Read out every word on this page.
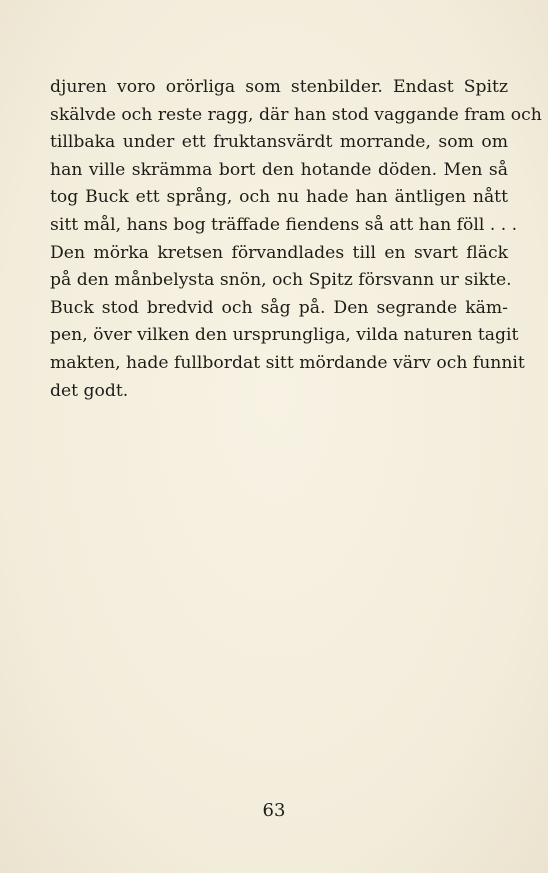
djuren voro orörliga som stenbilder. Endast Spitz
skälvde och reste ragg, där han stod vaggande fram och
tillbaka under ett fruktansvärdt morrande, som om
han ville skrämma bort den hotande döden. Men så
tog Buck ett språng, och nu hade han äntligen nått
sitt mål, hans bog träffade fiendens så att han föll . . .
Den mörka kretsen förvandlades till en svart fläck
på den månbelysta snön, och Spitz försvann ur sikte.
Buck stod bredvid och såg på. Den segrande käm-
pen, över vilken den ursprungliga, vilda naturen tagit
makten, hade fullbordat sitt mördande värv och funnit
det godt.
63
